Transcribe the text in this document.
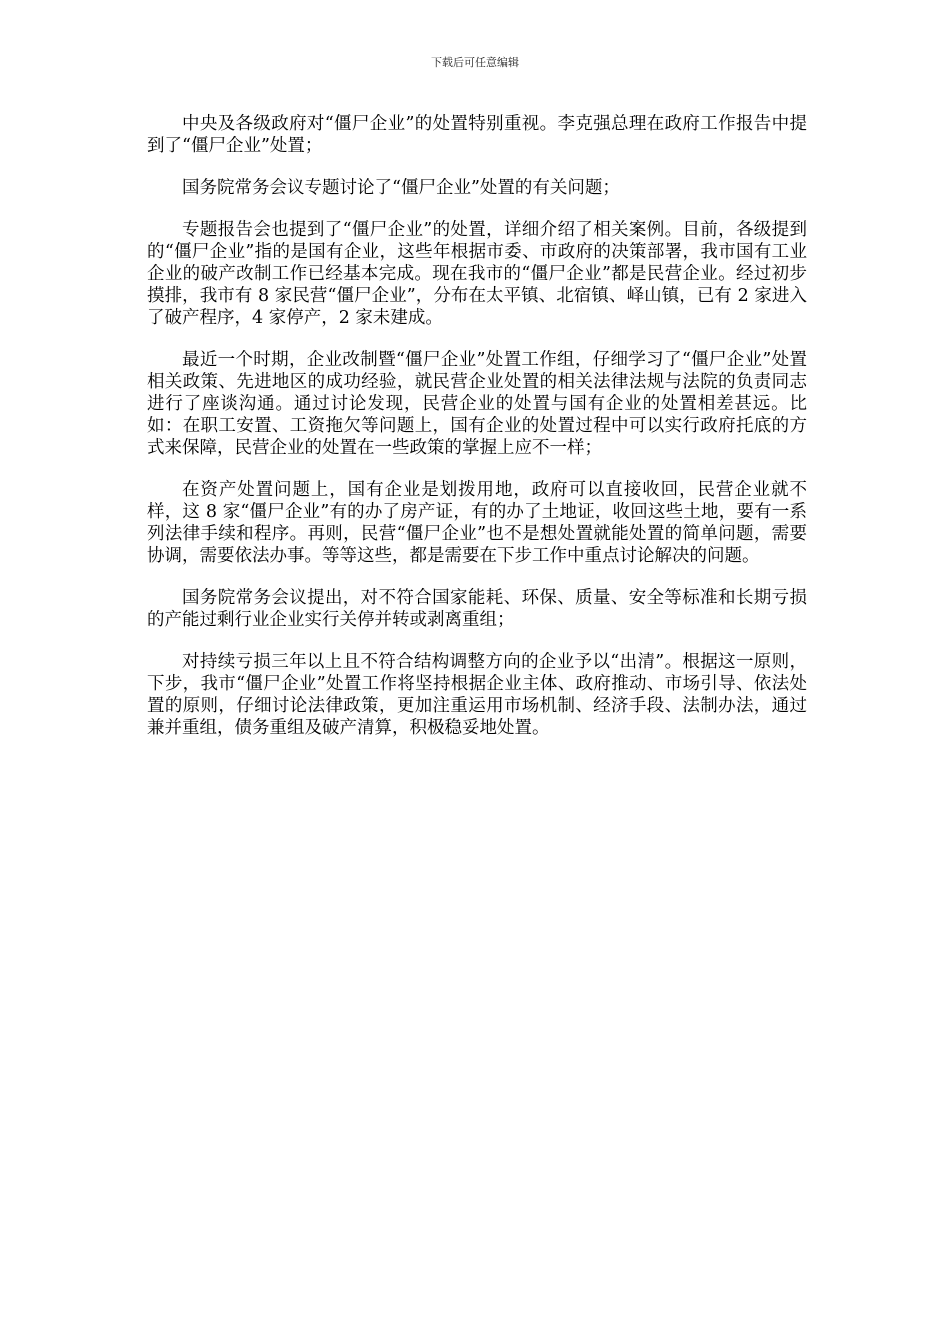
下载后可任意编辑

中央及各级政府对“僵尸企业”的处置特别重视。李克强总理在政府工作报告中提到了“僵尸企业”处置；

国务院常务会议专题讨论了“僵尸企业”处置的有关问题；

专题报告会也提到了“僵尸企业”的处置，详细介绍了相关案例。目前，各级提到的“僵尸企业”指的是国有企业，这些年根据市委、市政府的决策部署，我市国有工业企业的破产改制工作已经基本完成。现在我市的“僵尸企业”都是民营企业。经过初步摸排，我市有 8 家民营“僵尸企业”，分布在太平镇、北宿镇、峄山镇，已有 2 家进入了破产程序，4 家停产，2 家未建成。

最近一个时期，企业改制暨“僵尸企业”处置工作组，仔细学习了“僵尸企业”处置相关政策、先进地区的成功经验，就民营企业处置的相关法律法规与法院的负责同志进行了座谈沟通。通过讨论发现，民营企业的处置与国有企业的处置相差甚远。比如：在职工安置、工资拖欠等问题上，国有企业的处置过程中可以实行政府托底的方式来保障，民营企业的处置在一些政策的掌握上应不一样；

在资产处置问题上，国有企业是划拨用地，政府可以直接收回，民营企业就不样，这 8 家“僵尸企业”有的办了房产证，有的办了土地证，收回这些土地，要有一系列法律手续和程序。再则，民营“僵尸企业”也不是想处置就能处置的简单问题，需要协调，需要依法办事。等等这些，都是需要在下步工作中重点讨论解决的问题。

国务院常务会议提出，对不符合国家能耗、环保、质量、安全等标准和长期亏损的产能过剩行业企业实行关停并转或剥离重组；

对持续亏损三年以上且不符合结构调整方向的企业予以“出清”。根据这一原则，下步，我市“僵尸企业”处置工作将坚持根据企业主体、政府推动、市场引导、依法处置的原则，仔细讨论法律政策，更加注重运用市场机制、经济手段、法制办法，通过兼并重组，债务重组及破产清算，积极稳妥地处置。
